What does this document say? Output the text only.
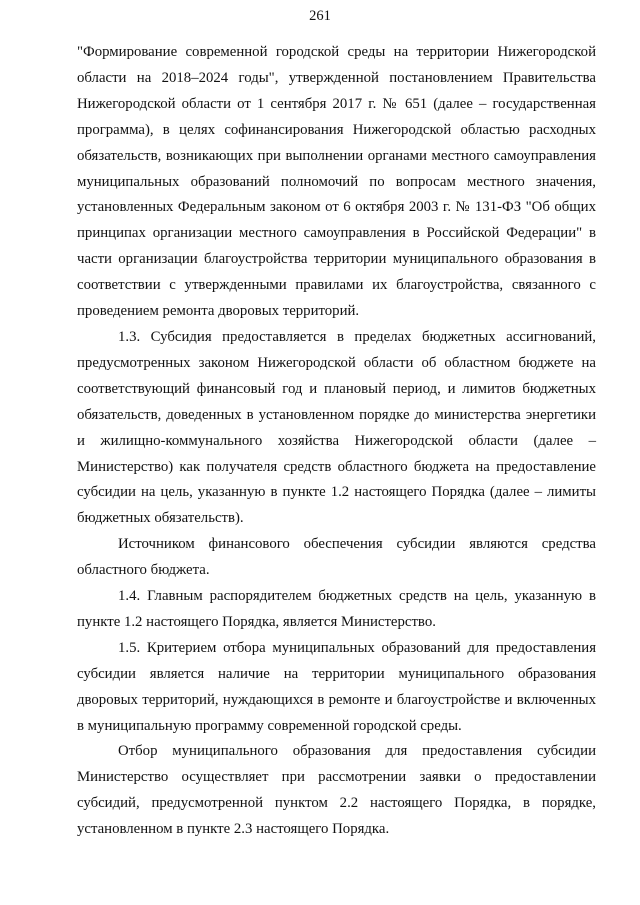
261

"Формирование современной городской среды на территории Нижегородской области на 2018–2024 годы", утвержденной постановлением Правительства Нижегородской области от 1 сентября 2017 г. № 651 (далее – государственная программа), в целях софинансирования Нижегородской областью расходных обязательств, возникающих при выполнении органами местного самоуправления муниципальных образований полномочий по вопросам местного значения, установленных Федеральным законом от 6 октября 2003 г. № 131-ФЗ "Об общих принципах организации местного самоуправления в Российской Федерации" в части организации благоустройства территории муниципального образования в соответствии с утвержденными правилами их благоустройства, связанного с проведением ремонта дворовых территорий.

1.3. Субсидия предоставляется в пределах бюджетных ассигнований, предусмотренных законом Нижегородской области об областном бюджете на соответствующий финансовый год и плановый период, и лимитов бюджетных обязательств, доведенных в установленном порядке до министерства энергетики и жилищно-коммунального хозяйства Нижегородской области (далее – Министерство) как получателя средств областного бюджета на предоставление субсидии на цель, указанную в пункте 1.2 настоящего Порядка (далее – лимиты бюджетных обязательств).

Источником финансового обеспечения субсидии являются средства областного бюджета.

1.4. Главным распорядителем бюджетных средств на цель, указанную в пункте 1.2 настоящего Порядка, является Министерство.

1.5. Критерием отбора муниципальных образований для предоставления субсидии является наличие на территории муниципального образования дворовых территорий, нуждающихся в ремонте и благоустройстве и включенных в муниципальную программу современной городской среды.

Отбор муниципального образования для предоставления субсидии Министерство осуществляет при рассмотрении заявки о предоставлении субсидий, предусмотренной пунктом 2.2 настоящего Порядка, в порядке, установленном в пункте 2.3 настоящего Порядка.
